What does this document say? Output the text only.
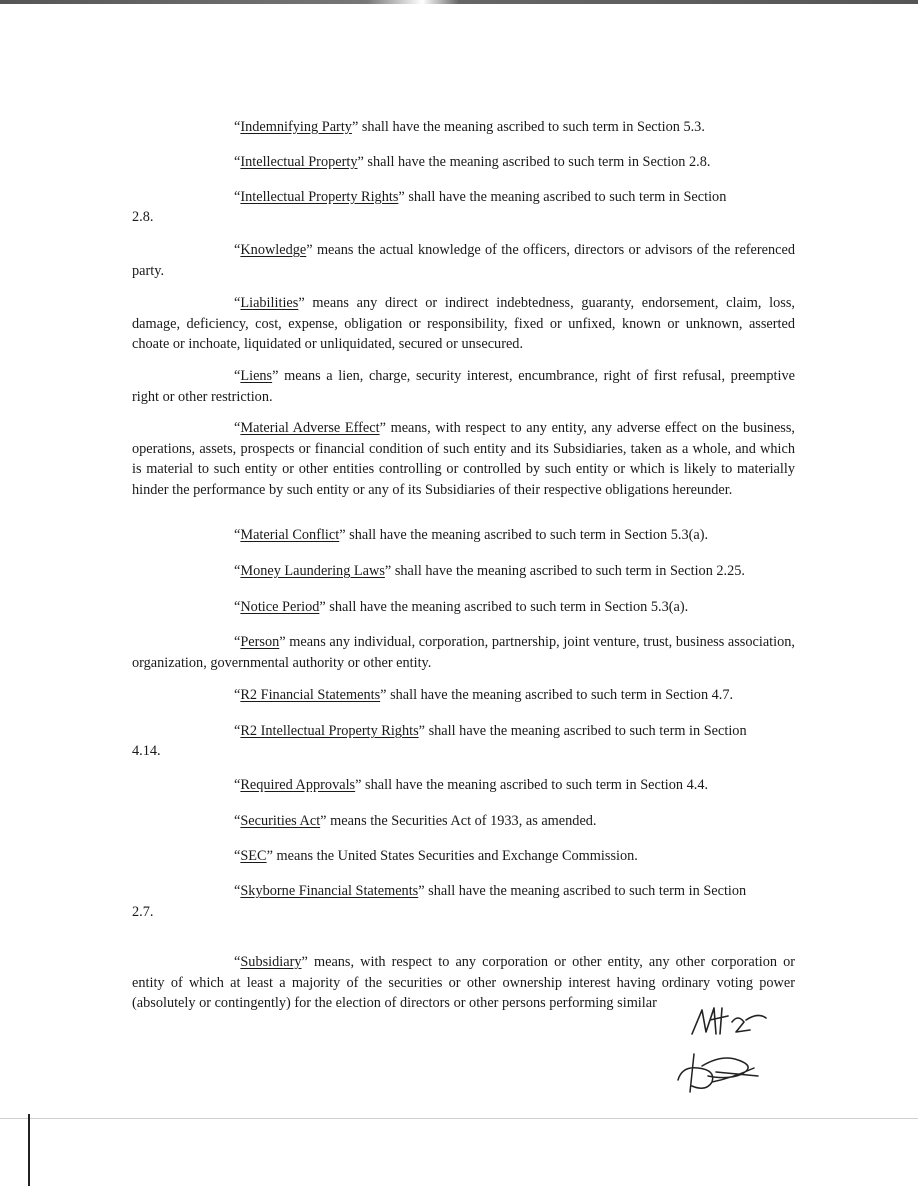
“Indemnifying Party” shall have the meaning ascribed to such term in Section 5.3.

“Intellectual Property” shall have the meaning ascribed to such term in Section 2.8.

“Intellectual Property Rights” shall have the meaning ascribed to such term in Section

2.8.

“Knowledge” means the actual knowledge of the officers, directors or advisors of the referenced party.

“Liabilities” means any direct or indirect indebtedness, guaranty, endorsement, claim, loss, damage, deficiency, cost, expense, obligation or responsibility, fixed or unfixed, known or unknown, asserted choate or inchoate, liquidated or unliquidated, secured or unsecured.

“Liens” means a lien, charge, security interest, encumbrance, right of first refusal, preemptive right or other restriction.

“Material Adverse Effect” means, with respect to any entity, any adverse effect on the business, operations, assets, prospects or financial condition of such entity and its Subsidiaries, taken as a whole, and which is material to such entity or other entities controlling or controlled by such entity or which is likely to materially hinder the performance by such entity or any of its Subsidiaries of their respective obligations hereunder.

“Material Conflict” shall have the meaning ascribed to such term in Section 5.3(a).

“Money Laundering Laws” shall have the meaning ascribed to such term in Section 2.25.

“Notice Period” shall have the meaning ascribed to such term in Section 5.3(a).

“Person” means any individual, corporation, partnership, joint venture, trust, business association, organization, governmental authority or other entity.

“R2 Financial Statements” shall have the meaning ascribed to such term in Section 4.7.

“R2 Intellectual Property Rights” shall have the meaning ascribed to such term in Section

4.14.

“Required Approvals” shall have the meaning ascribed to such term in Section 4.4.

“Securities Act” means the Securities Act of 1933, as amended.

“SEC” means the United States Securities and Exchange Commission.

“Skyborne Financial Statements” shall have the meaning ascribed to such term in Section

2.7.

“Subsidiary” means, with respect to any corporation or other entity, any other corporation or entity of which at least a majority of the securities or other ownership interest having ordinary voting power (absolutely or contingently) for the election of directors or other persons performing similar
